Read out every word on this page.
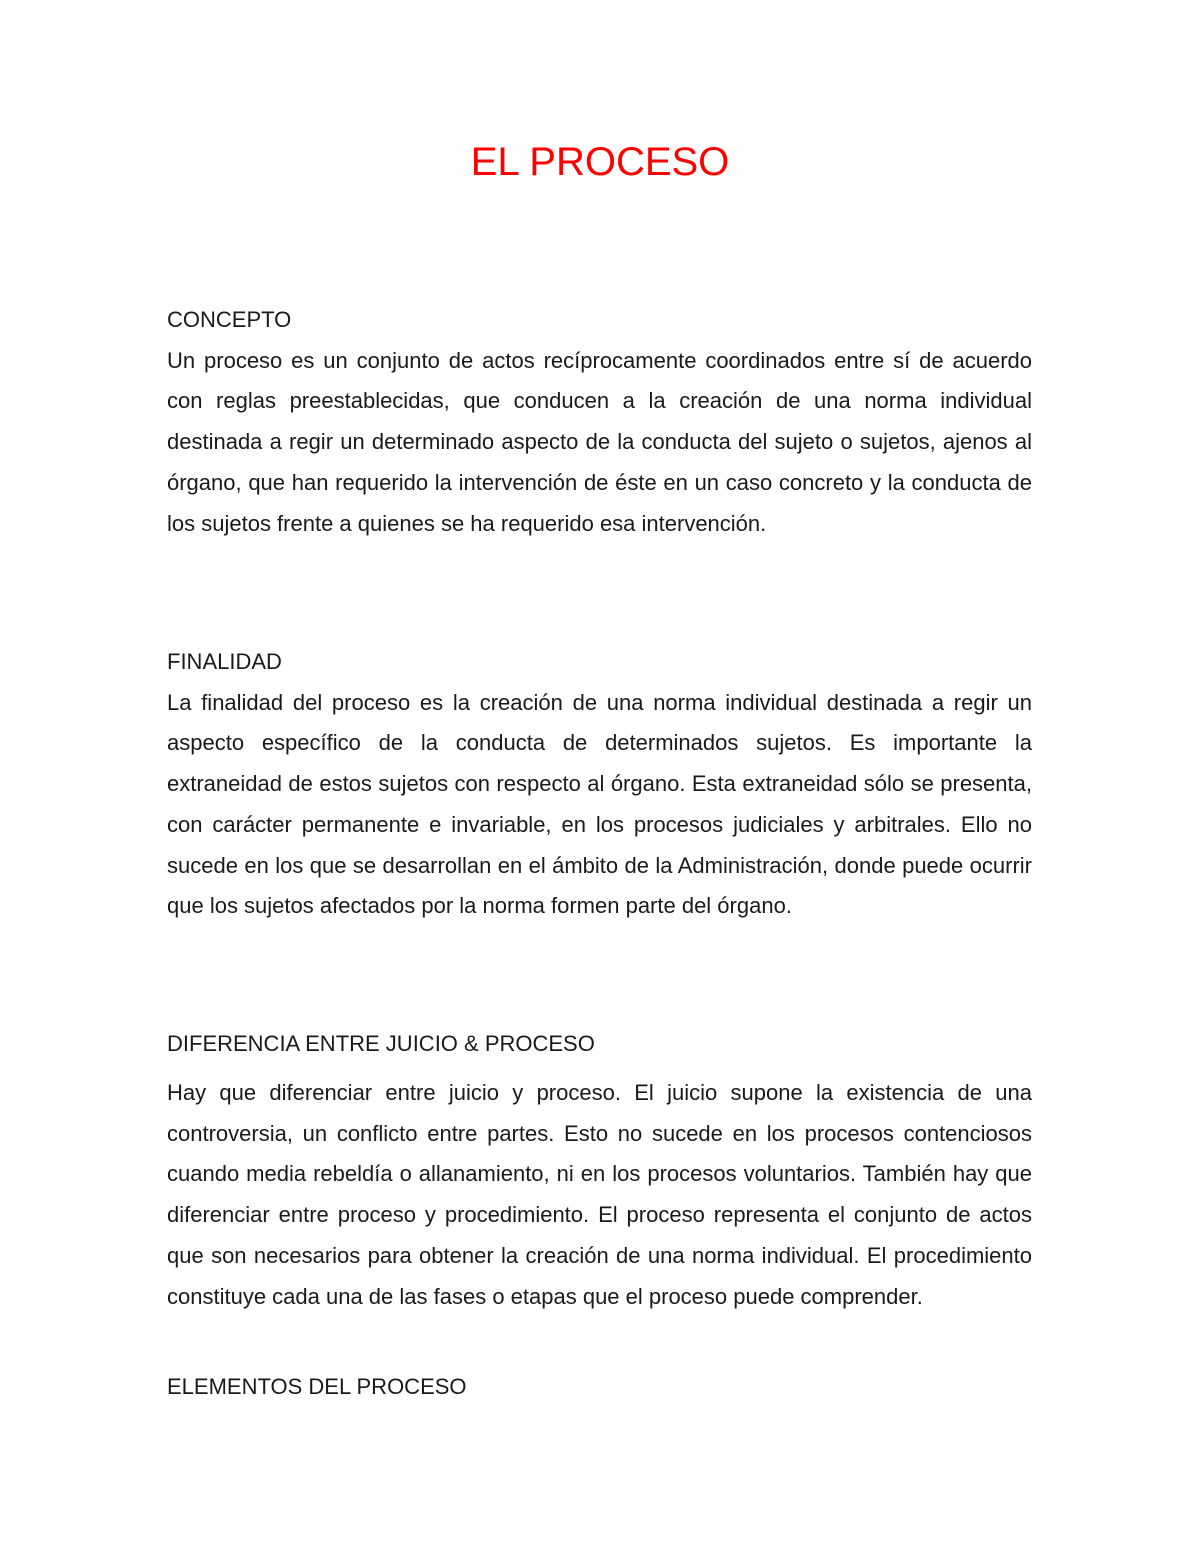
EL PROCESO
CONCEPTO

Un proceso es un conjunto de actos recíprocamente coordinados entre sí de acuerdo con reglas preestablecidas, que conducen a la creación de una norma individual destinada a regir un determinado aspecto de la conducta del sujeto o sujetos, ajenos al órgano, que han requerido la intervención de éste en un caso concreto y la conducta de los sujetos frente a quienes se ha requerido esa intervención.

FINALIDAD

La finalidad del proceso es la creación de una norma individual destinada a regir un aspecto específico de la conducta de determinados sujetos. Es importante la extraneidad de estos sujetos con respecto al órgano. Esta extraneidad sólo se presenta, con carácter permanente e invariable, en los procesos judiciales y arbitrales. Ello no sucede en los que se desarrollan en el ámbito de la Administración, donde puede ocurrir que los sujetos afectados por la norma formen parte del órgano.

DIFERENCIA ENTRE JUICIO & PROCESO

Hay que diferenciar entre juicio y proceso. El juicio supone la existencia de una controversia, un conflicto entre partes. Esto no sucede en los procesos contenciosos cuando media rebeldía o allanamiento, ni en los procesos voluntarios. También hay que diferenciar entre proceso y procedimiento. El proceso representa el conjunto de actos que son necesarios para obtener la creación de una norma individual. El procedimiento constituye cada una de las fases o etapas que el proceso puede comprender.

ELEMENTOS DEL PROCESO
